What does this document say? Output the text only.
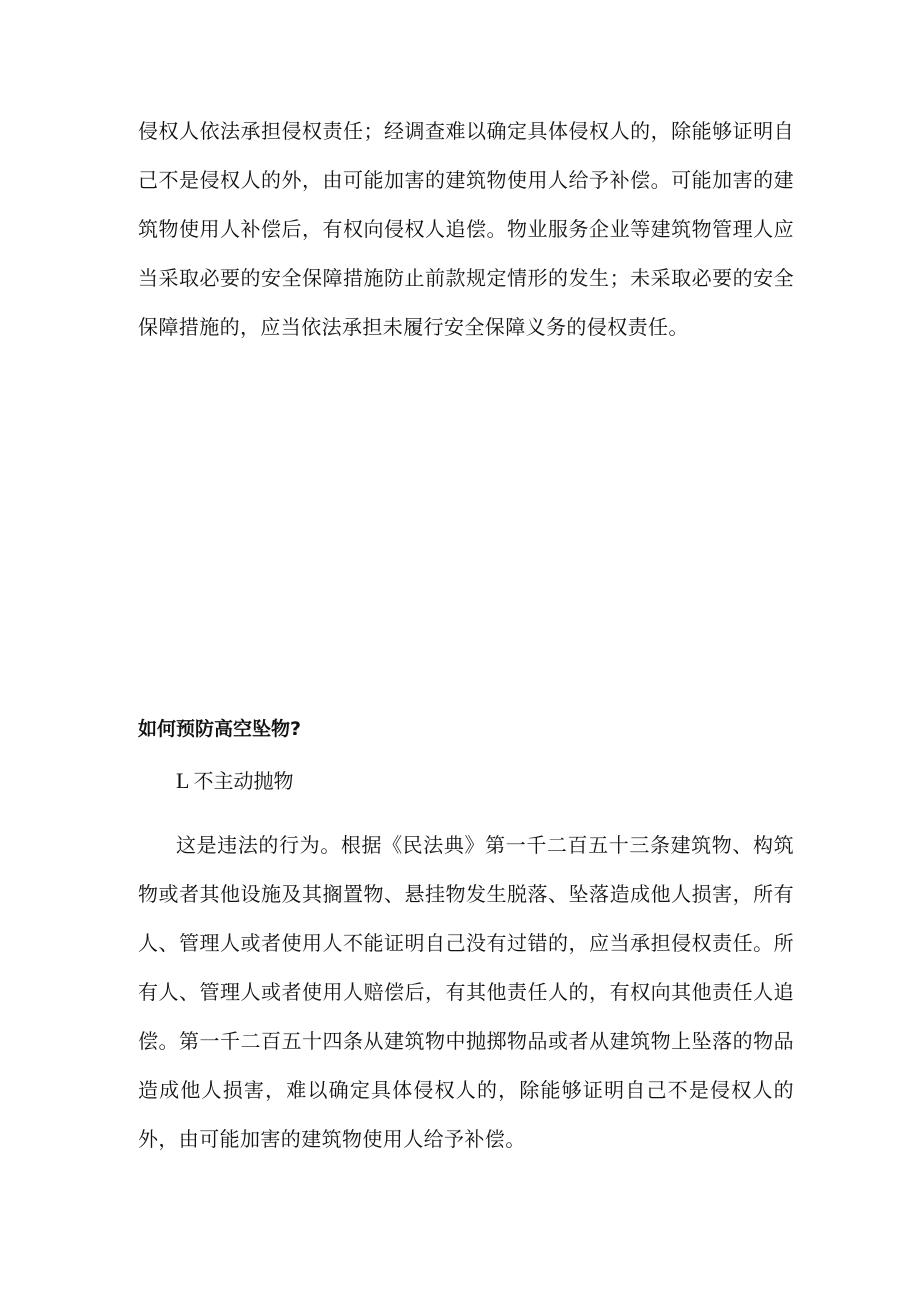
侵权人依法承担侵权责任；经调查难以确定具体侵权人的，除能够证明自己不是侵权人的外，由可能加害的建筑物使用人给予补偿。可能加害的建筑物使用人补偿后，有权向侵权人追偿。物业服务企业等建筑物管理人应当采取必要的安全保障措施防止前款规定情形的发生；未采取必要的安全保障措施的，应当依法承担未履行安全保障义务的侵权责任。

如何预防高空坠物?

L 不主动抛物

这是违法的行为。根据《民法典》第一千二百五十三条建筑物、构筑物或者其他设施及其搁置物、悬挂物发生脱落、坠落造成他人损害，所有人、管理人或者使用人不能证明自己没有过错的，应当承担侵权责任。所有人、管理人或者使用人赔偿后，有其他责任人的，有权向其他责任人追偿。第一千二百五十四条从建筑物中抛掷物品或者从建筑物上坠落的物品造成他人损害，难以确定具体侵权人的，除能够证明自己不是侵权人的外，由可能加害的建筑物使用人给予补偿。
